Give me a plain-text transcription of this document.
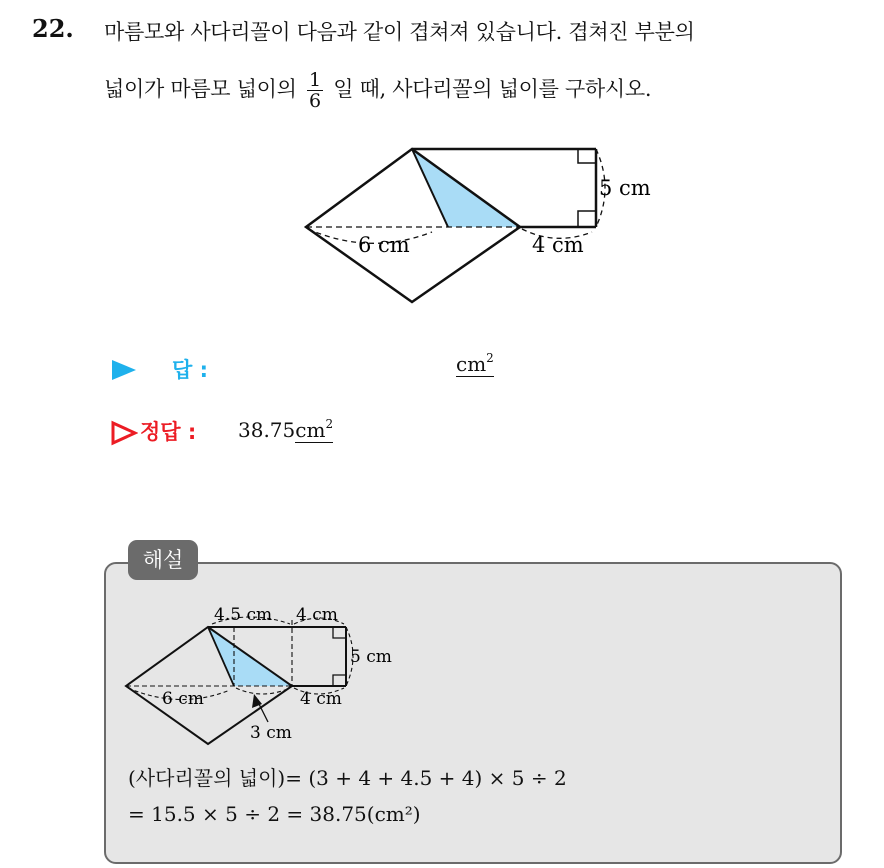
22. 마름모와 사다리꼴이 다음과 같이 겹쳐져 있습니다. 겹쳐진 부분의
넓이가 마름모 넓이의 $\frac{1}{6}$ 일 때, 사다리꼴의 넓이를 구하시오.
5 cm
6 cm	4 cm
답 :	$cm^2$
정답 : $38.75cm^2$
해설
4.5 cm 4 cm
5 cm
6 cm	4 cm
3 cm
(사다리꼴의 넓이)= (3 + 4 + 4.5 + 4) × 5 ÷ 2
= 15.5 × 5 ÷ 2 = 38.75(cm²)
